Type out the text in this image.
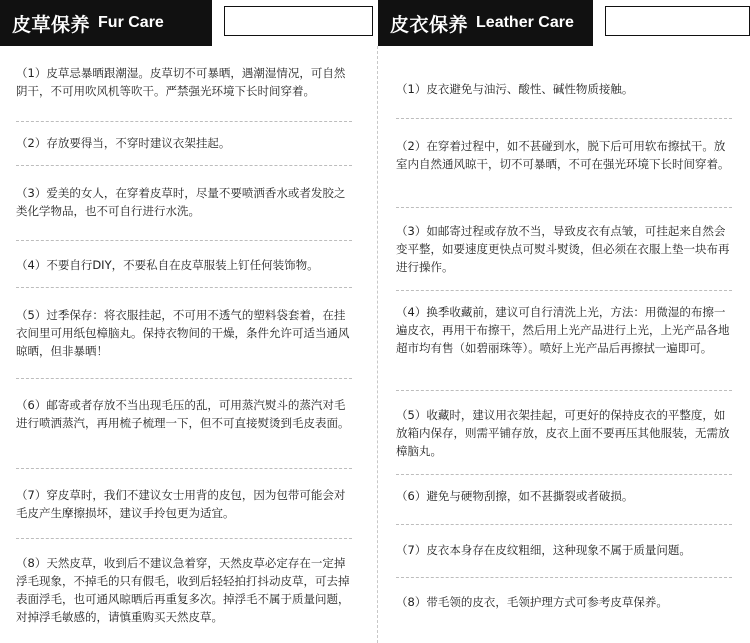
皮草保养 Fur Care

（1）皮草忌暴晒跟潮湿。皮草切不可暴晒，遇潮湿情况，可自然阴干，不可用吹风机等吹干。严禁强光环境下长时间穿着。

（2）存放要得当，不穿时建议衣架挂起。

（3）爱美的女人，在穿着皮草时，尽量不要喷洒香水或者发胶之类化学物品，也不可自行进行水洗。

（4）不要自行DIY，不要私自在皮草服装上钉任何装饰物。

（5）过季保存：将衣服挂起，不可用不透气的塑料袋套着，在挂衣间里可用纸包樟脑丸。保持衣物间的干燥，条件允许可适当通风晾晒，但非暴晒！

（6）邮寄或者存放不当出现毛压的乱，可用蒸汽熨斗的蒸汽对毛进行喷洒蒸汽，再用梳子梳理一下，但不可直接熨烫到毛皮表面。

（7）穿皮草时，我们不建议女士用背的皮包，因为包带可能会对毛皮产生摩擦损坏，建议手拎包更为适宜。

（8）天然皮草，收到后不建议急着穿，天然皮草必定存在一定掉浮毛现象，不掉毛的只有假毛，收到后轻轻拍打抖动皮草，可去掉表面浮毛，也可通风晾晒后再重复多次。掉浮毛不属于质量问题，对掉浮毛敏感的，请慎重购买天然皮草。

皮衣保养 Leather Care

（1）皮衣避免与油污、酸性、碱性物质接触。

（2）在穿着过程中，如不甚碰到水，脱下后可用软布擦拭干。放室内自然通风晾干，切不可暴晒，不可在强光环境下长时间穿着。

（3）如邮寄过程或存放不当，导致皮衣有点皱，可挂起来自然会变平整，如要速度更快点可熨斗熨烫，但必须在衣服上垫一块布再进行操作。

（4）换季收藏前，建议可自行清洗上光，方法：用微湿的布擦一遍皮衣，再用干布擦干，然后用上光产品进行上光，上光产品各地超市均有售（如碧丽珠等）。喷好上光产品后再擦拭一遍即可。

（5）收藏时，建议用衣架挂起，可更好的保持皮衣的平整度，如放箱内保存，则需平铺存放，皮衣上面不要再压其他服装，无需放樟脑丸。

（6）避免与硬物刮擦，如不甚撕裂或者破损。

（7）皮衣本身存在皮纹粗细，这种现象不属于质量问题。

（8）带毛领的皮衣，毛领护理方式可参考皮草保养。
